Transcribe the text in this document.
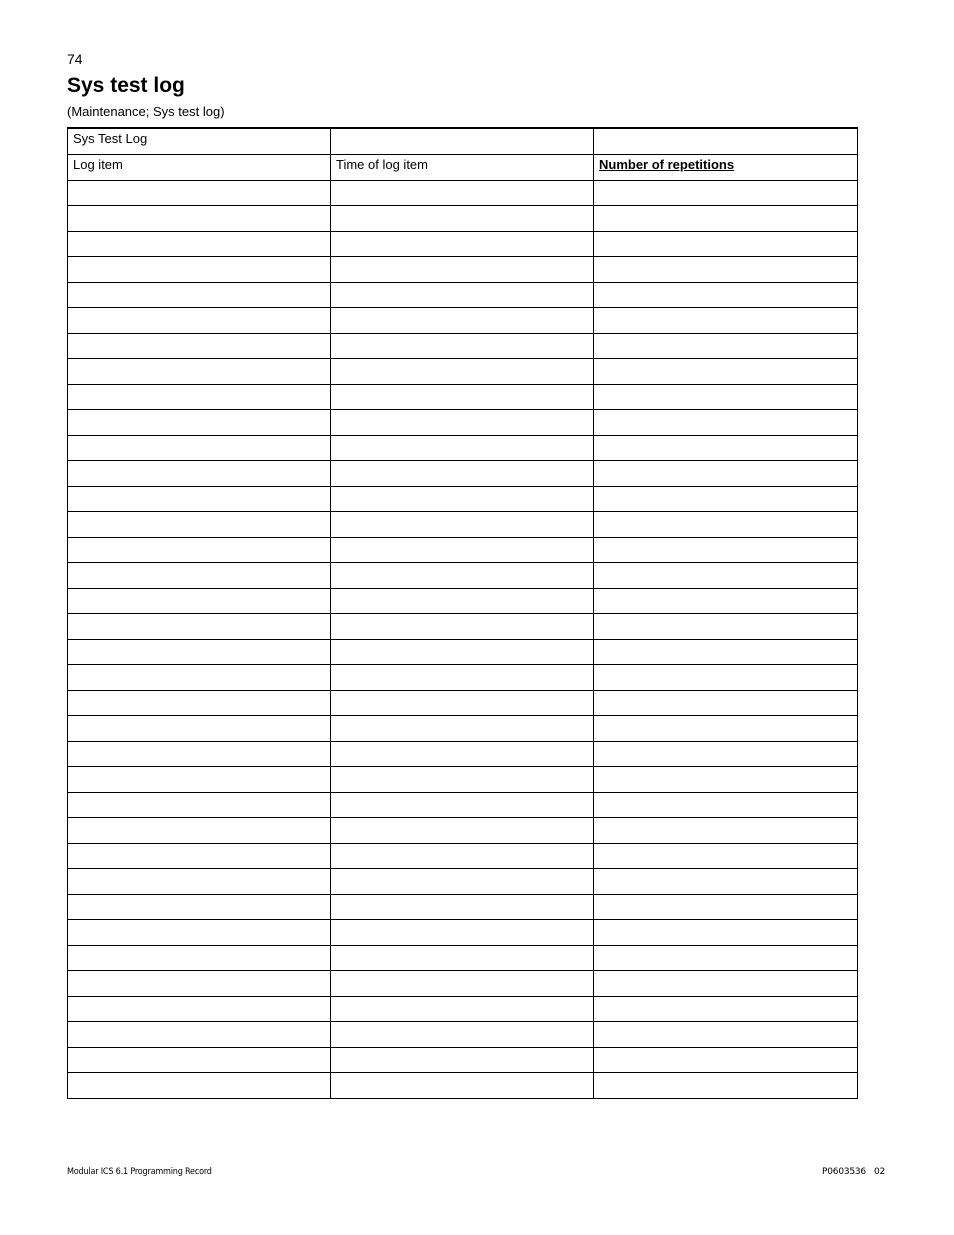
74
Sys test log
(Maintenance; Sys test log)
Sys Test Log		
Log item	Time of log item	Number of repetitions

Modular ICS 6.1 Programming Record	P0603536   02
